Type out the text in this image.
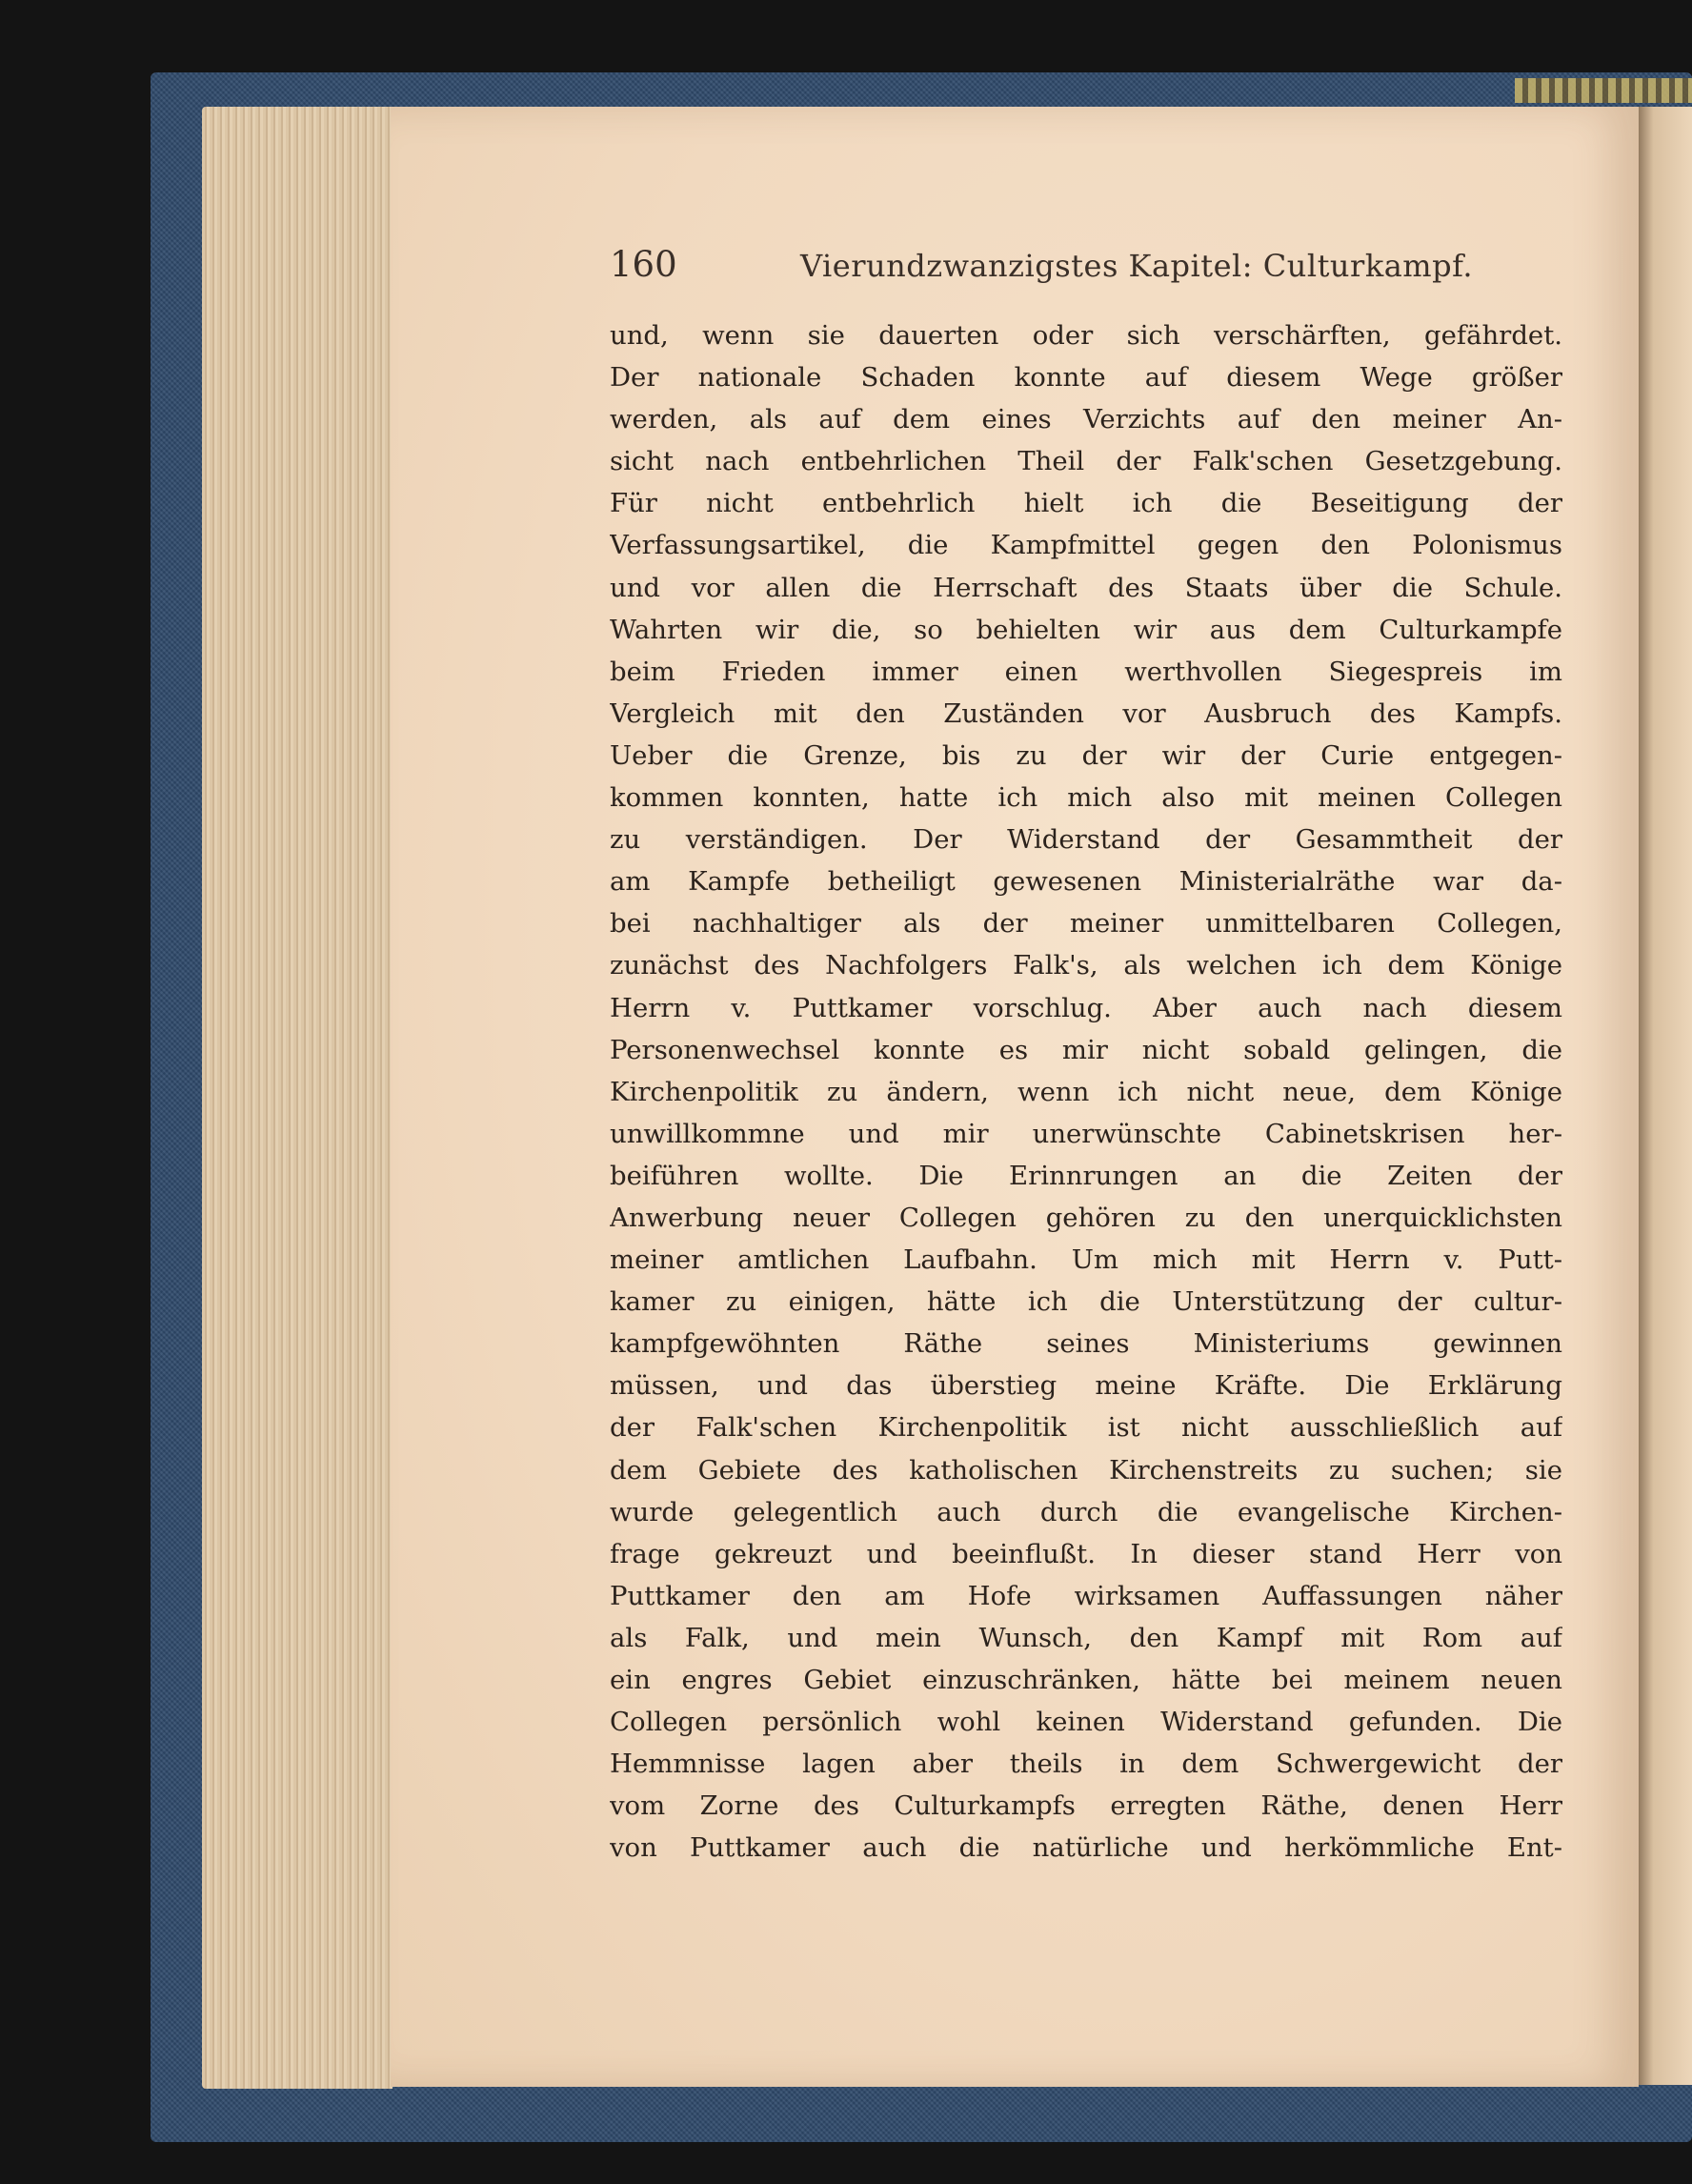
160	Vierundzwanzigstes Kapitel: Culturkampf.
und, wenn sie dauerten oder sich verschärften, gefährdet.
Der nationale Schaden konnte auf diesem Wege größer
werden, als auf dem eines Verzichts auf den meiner An-
sicht nach entbehrlichen Theil der Falk'schen Gesetzgebung.
Für nicht entbehrlich hielt ich die Beseitigung der
Verfassungsartikel, die Kampfmittel gegen den Polonismus
und vor allen die Herrschaft des Staats über die Schule.
Wahrten wir die, so behielten wir aus dem Culturkampfe
beim Frieden immer einen werthvollen Siegespreis im
Vergleich mit den Zuständen vor Ausbruch des Kampfs.
Ueber die Grenze, bis zu der wir der Curie entgegen-
kommen konnten, hatte ich mich also mit meinen Collegen
zu verständigen. Der Widerstand der Gesammtheit der
am Kampfe betheiligt gewesenen Ministerialräthe war da-
bei nachhaltiger als der meiner unmittelbaren Collegen,
zunächst des Nachfolgers Falk's, als welchen ich dem Könige
Herrn v. Puttkamer vorschlug. Aber auch nach diesem
Personenwechsel konnte es mir nicht sobald gelingen, die
Kirchenpolitik zu ändern, wenn ich nicht neue, dem Könige
unwillkommne und mir unerwünschte Cabinetskrisen her-
beiführen wollte. Die Erinnrungen an die Zeiten der
Anwerbung neuer Collegen gehören zu den unerquicklichsten
meiner amtlichen Laufbahn. Um mich mit Herrn v. Putt-
kamer zu einigen, hätte ich die Unterstützung der cultur-
kampfgewöhnten Räthe seines Ministeriums gewinnen
müssen, und das überstieg meine Kräfte. Die Erklärung
der Falk'schen Kirchenpolitik ist nicht ausschließlich auf
dem Gebiete des katholischen Kirchenstreits zu suchen; sie
wurde gelegentlich auch durch die evangelische Kirchen-
frage gekreuzt und beeinflußt. In dieser stand Herr von
Puttkamer den am Hofe wirksamen Auffassungen näher
als Falk, und mein Wunsch, den Kampf mit Rom auf
ein engres Gebiet einzuschränken, hätte bei meinem neuen
Collegen persönlich wohl keinen Widerstand gefunden. Die
Hemmnisse lagen aber theils in dem Schwergewicht der
vom Zorne des Culturkampfs erregten Räthe, denen Herr
von Puttkamer auch die natürliche und herkömmliche Ent-
